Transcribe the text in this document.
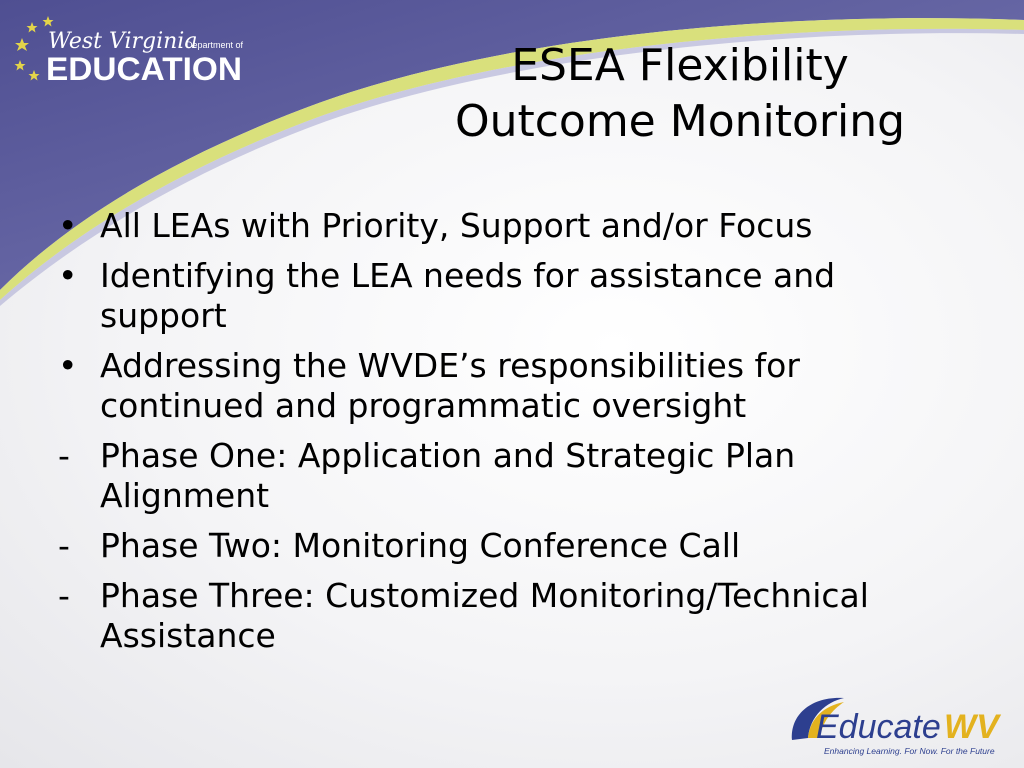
West Virginia
Department of
EDUCATION	ESEA Flexibility
Outcome Monitoring
• All LEAs with Priority, Support and/or Focus
• Identifying the LEA needs for assistance and support
• Addressing the WVDE’s responsibilities for continued and programmatic oversight
- Phase One: Application and Strategic Plan Alignment
- Phase Two: Monitoring Conference Call
- Phase Three: Customized Monitoring/Technical Assistance
Educate WV
Enhancing Learning. For Now. For the Future
